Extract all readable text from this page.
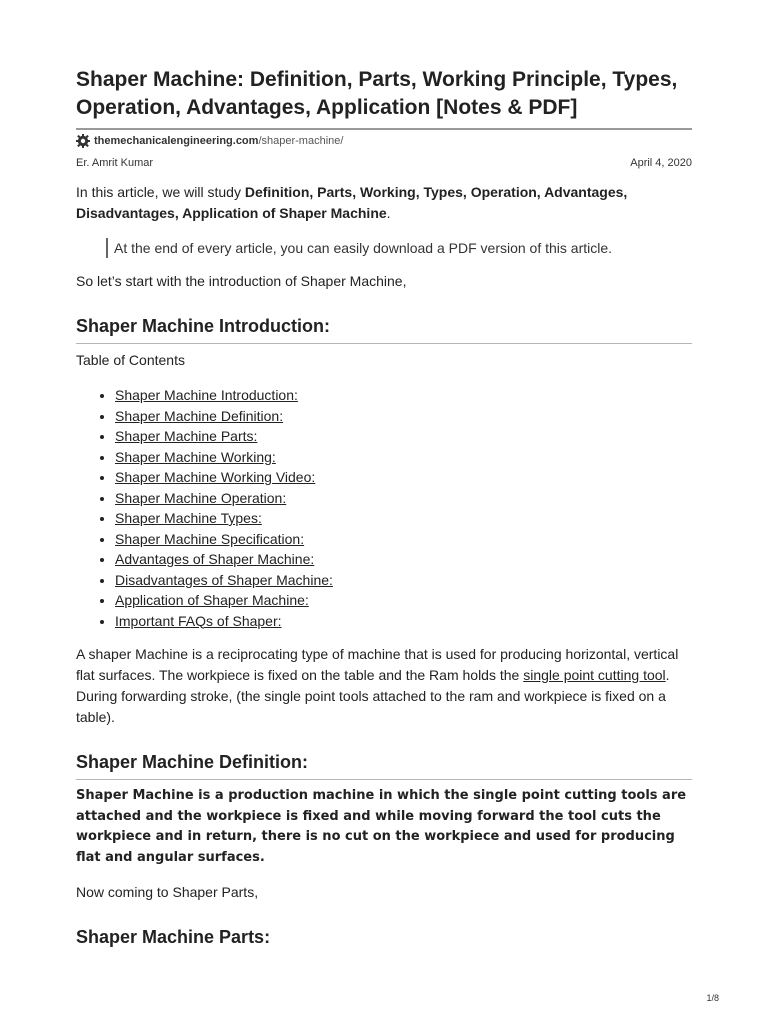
Shaper Machine: Definition, Parts, Working Principle, Types, Operation, Advantages, Application [Notes & PDF]
themechanicalengineering.com /shaper-machine/
Er. Amrit Kumar	April 4, 2020

In this article, we will study Definition, Parts, Working, Types, Operation, Advantages, Disadvantages, Application of Shaper Machine.

At the end of every article, you can easily download a PDF version of this article.

So let’s start with the introduction of Shaper Machine,

Shaper Machine Introduction:
Table of Contents
• Shaper Machine Introduction:
• Shaper Machine Definition:
• Shaper Machine Parts:
• Shaper Machine Working:
• Shaper Machine Working Video:
• Shaper Machine Operation:
• Shaper Machine Types:
• Shaper Machine Specification:
• Advantages of Shaper Machine:
• Disadvantages of Shaper Machine:
• Application of Shaper Machine:
• Important FAQs of Shaper:

A shaper Machine is a reciprocating type of machine that is used for producing horizontal, vertical flat surfaces. The workpiece is fixed on the table and the Ram holds the single point cutting tool. During forwarding stroke, (the single point tools attached to the ram and workpiece is fixed on a table).

Shaper Machine Definition:

Shaper Machine is a production machine in which the single point cutting tools are attached and the workpiece is fixed and while moving forward the tool cuts the workpiece and in return, there is no cut on the workpiece and used for producing flat and angular surfaces.

Now coming to Shaper Parts,

Shaper Machine Parts:
1/8
